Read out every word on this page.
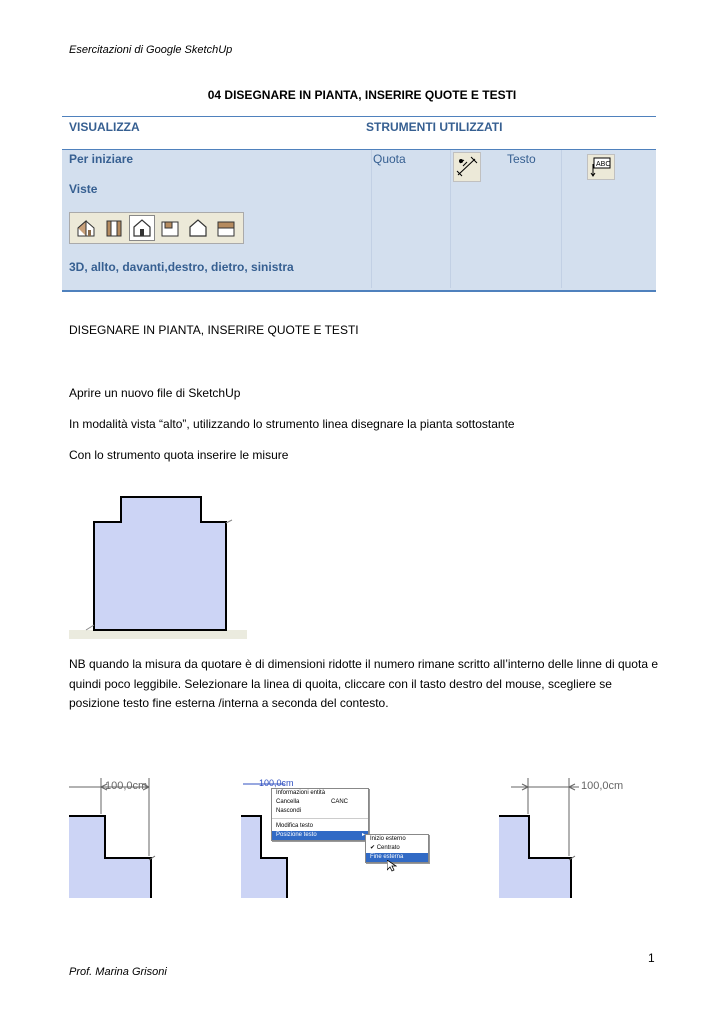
Esercitazioni di Google SketchUp
04 DISEGNARE IN PIANTA, INSERIRE QUOTE E TESTI
VISUALIZZA	STRUMENTI UTILIZZATI
Per iniziare
Viste
3D, allto, davanti,destro, dietro, sinistra
Quota	Testo	ABC
DISEGNARE IN PIANTA, INSERIRE QUOTE E TESTI
Aprire un nuovo file di SketchUp
In modalità vista “alto”, utilizzando lo strumento linea disegnare la pianta sottostante
Con lo strumento quota inserire le misure
NB quando la misura da quotare è di dimensioni ridotte il numero rimane scritto all’interno delle linne di quota e quindi poco leggibile. Selezionare la linea di quoita, cliccare con il tasto destro del mouse, scegliere se posizione testo fine esterna /interna a seconda del contesto.
100,0cm	100,0cm
Informazioni entità
Cancella	CANC
Nascondi
Modifica testo
Posizione testo	▸
Inizio esterno
✔ Centrato
Fine esterna
100,0cm
1
Prof. Marina Grisoni
